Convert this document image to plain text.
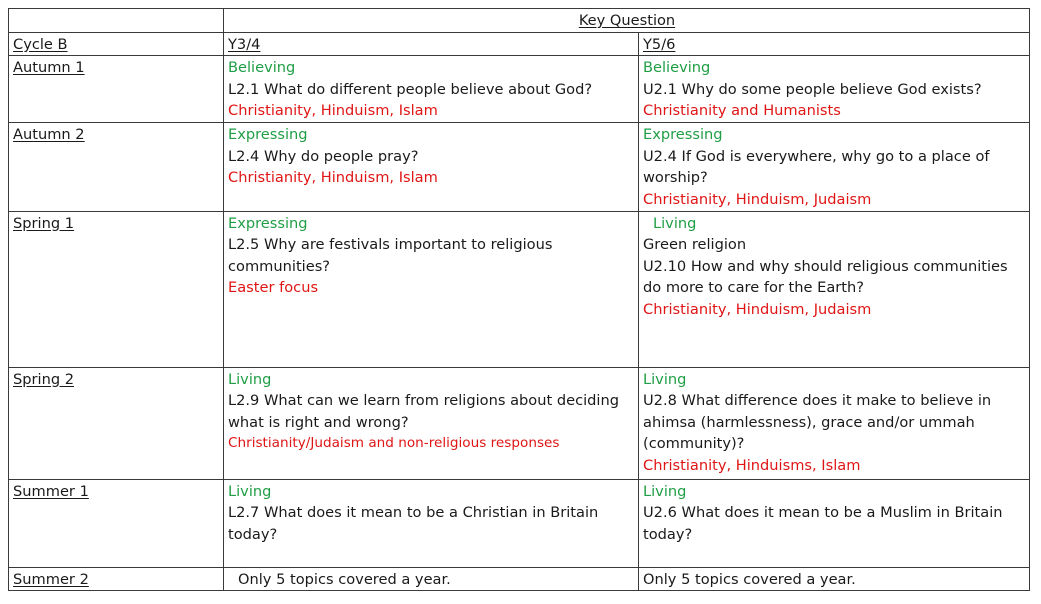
	Key Question	
Cycle B	Y3/4	Y5/6
Autumn 1	Believing
L2.1 What do different people believe about God?
Christianity, Hinduism, Islam	Believing
U2.1 Why do some people believe God exists?
Christianity and Humanists

Autumn 2	Expressing
L2.4 Why do people pray?
Christianity, Hinduism, Islam	Expressing
U2.4 If God is everywhere, why go to a place of worship?
Christianity, Hinduism, Judaism

Spring 1	Expressing
L2.5 Why are festivals important to religious communities?
Easter focus	Living
Green religion
U2.10 How and why should religious communities do more to care for the Earth?
Christianity, Hinduism, Judaism

Spring 2	Living
L2.9 What can we learn from religions about deciding what is right and wrong?
Christianity/Judaism and non-religious responses	Living
U2.8 What difference does it make to believe in ahimsa (harmlessness), grace and/or ummah (community)?
Christianity, Hinduisms, Islam

Summer 1	Living
L2.7 What does it mean to be a Christian in Britain today?	Living
U2.6 What does it mean to be a Muslim in Britain today?

Summer 2	Only 5 topics covered a year.	Only 5 topics covered a year.
